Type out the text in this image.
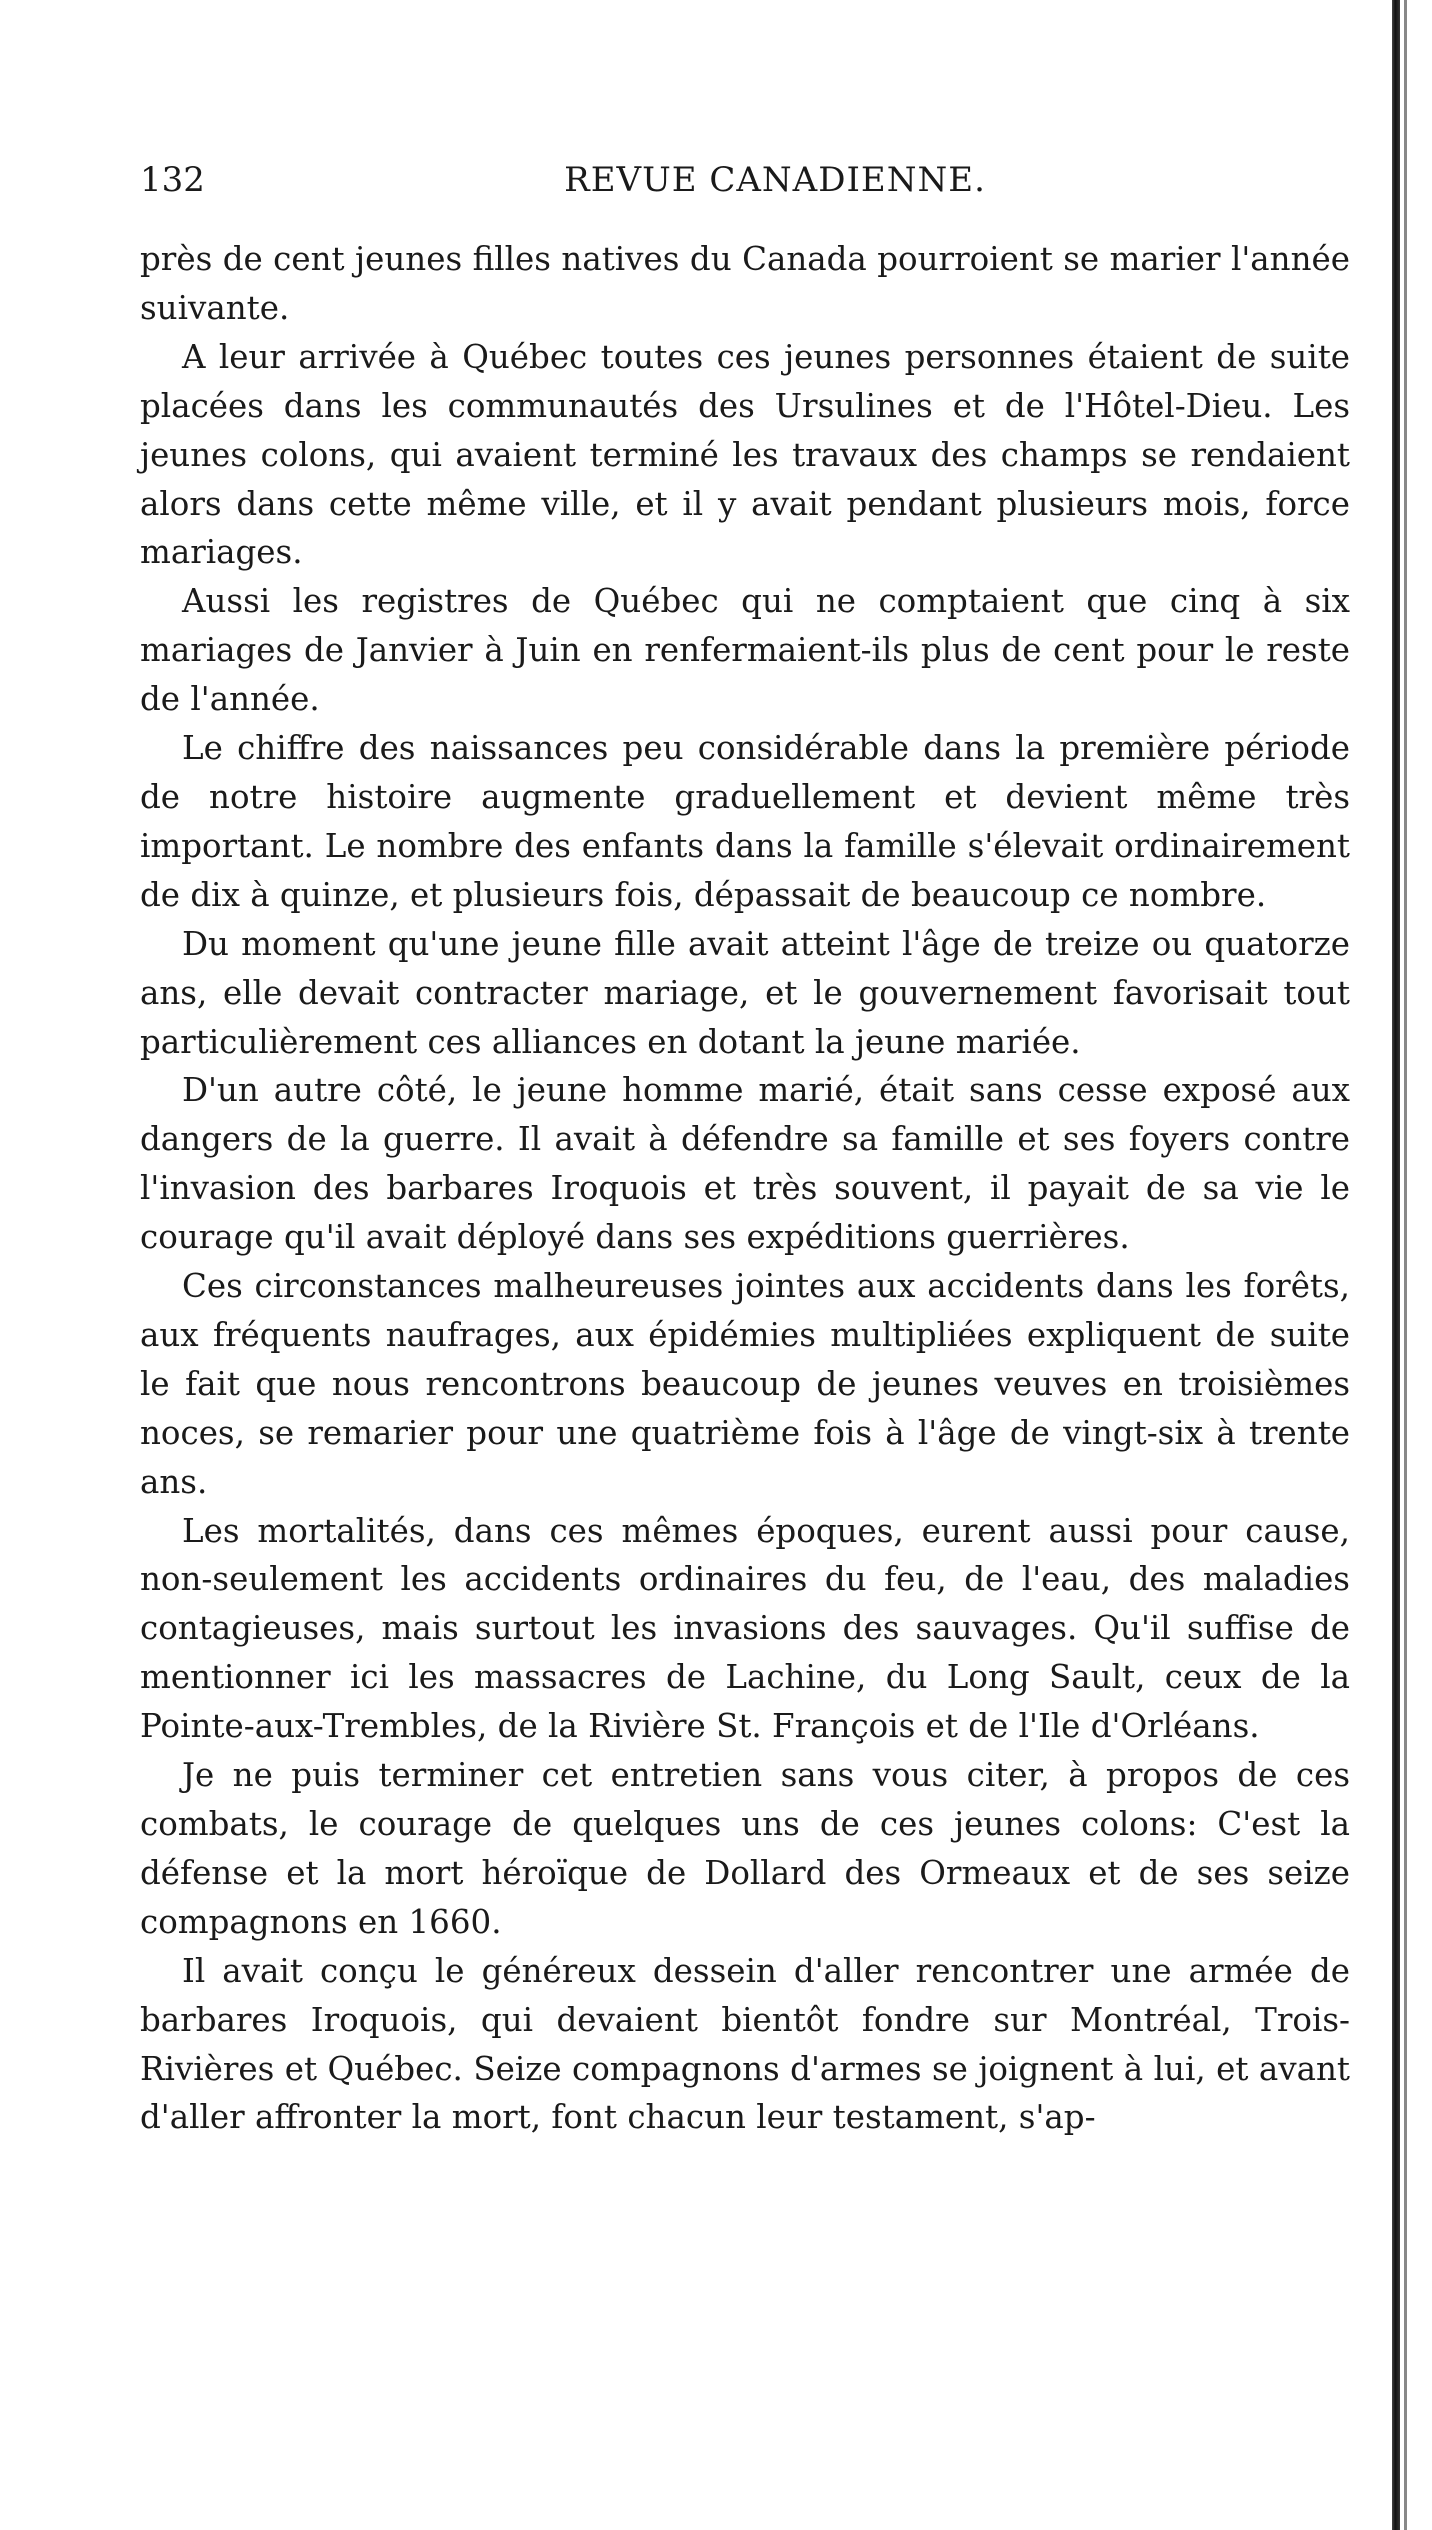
132	REVUE CANADIENNE.

près de cent jeunes filles natives du Canada pourroient se marier l'année suivante.

A leur arrivée à Québec toutes ces jeunes personnes étaient de suite placées dans les communautés des Ursulines et de l'Hôtel-Dieu. Les jeunes colons, qui avaient terminé les travaux des champs se rendaient alors dans cette même ville, et il y avait pendant plusieurs mois, force mariages.

Aussi les registres de Québec qui ne comptaient que cinq à six mariages de Janvier à Juin en renfermaient-ils plus de cent pour le reste de l'année.

Le chiffre des naissances peu considérable dans la première période de notre histoire augmente graduellement et devient même très important. Le nombre des enfants dans la famille s'élevait ordinairement de dix à quinze, et plusieurs fois, dépassait de beaucoup ce nombre.

Du moment qu'une jeune fille avait atteint l'âge de treize ou quatorze ans, elle devait contracter mariage, et le gouvernement favorisait tout particulièrement ces alliances en dotant la jeune mariée.

D'un autre côté, le jeune homme marié, était sans cesse exposé aux dangers de la guerre. Il avait à défendre sa famille et ses foyers contre l'invasion des barbares Iroquois et très souvent, il payait de sa vie le courage qu'il avait déployé dans ses expéditions guerrières.

Ces circonstances malheureuses jointes aux accidents dans les forêts, aux fréquents naufrages, aux épidémies multipliées expliquent de suite le fait que nous rencontrons beaucoup de jeunes veuves en troisièmes noces, se remarier pour une quatrième fois à l'âge de vingt-six à trente ans.

Les mortalités, dans ces mêmes époques, eurent aussi pour cause, non-seulement les accidents ordinaires du feu, de l'eau, des maladies contagieuses, mais surtout les invasions des sauvages. Qu'il suffise de mentionner ici les massacres de Lachine, du Long Sault, ceux de la Pointe-aux-Trembles, de la Rivière St. François et de l'Ile d'Orléans.

Je ne puis terminer cet entretien sans vous citer, à propos de ces combats, le courage de quelques uns de ces jeunes colons: C'est la défense et la mort héroïque de Dollard des Ormeaux et de ses seize compagnons en 1660.

Il avait conçu le généreux dessein d'aller rencontrer une armée de barbares Iroquois, qui devaient bientôt fondre sur Montréal, Trois-Rivières et Québec. Seize compagnons d'armes se joignent à lui, et avant d'aller affronter la mort, font chacun leur testament, s'ap-
